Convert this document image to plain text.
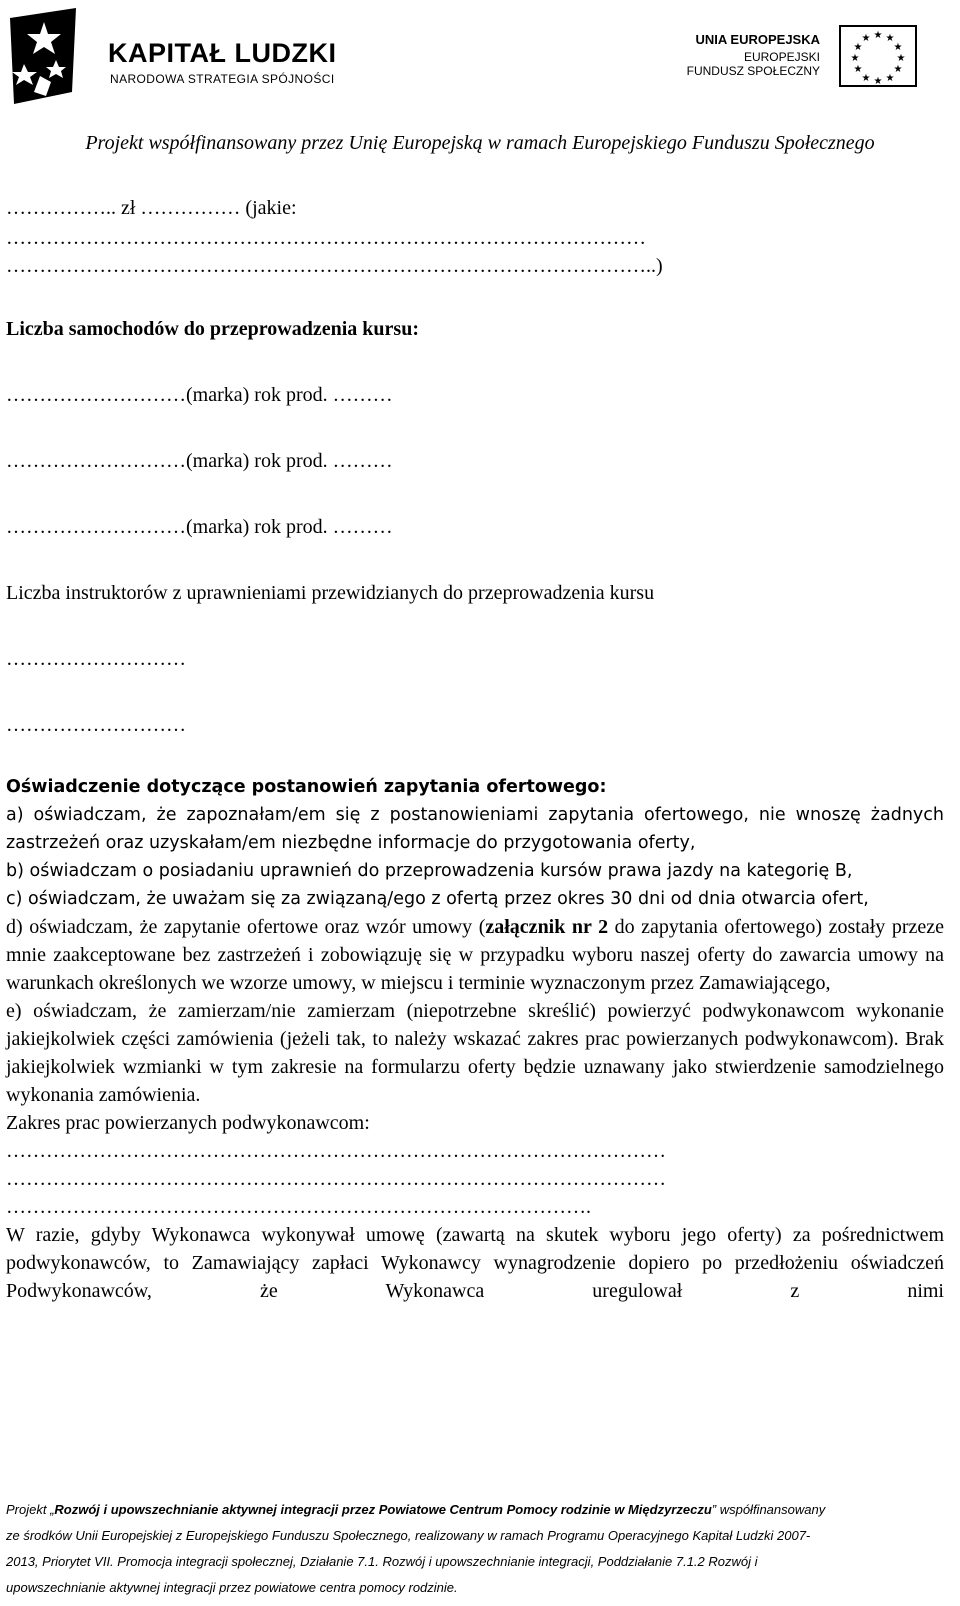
KAPITAŁ LUDZKI
NARODOWA STRATEGIA SPÓJNOŚCI
UNIA EUROPEJSKA
EUROPEJSKI
FUNDUSZ SPOŁECZNY
★ ★
★
★
★
★
★
★
★
★
★
★
Projekt współfinansowany przez Unię Europejską w ramach Europejskiego Funduszu Społecznego
…………….. zł …………… (jakie:
……………………………………………………………………………………
……………………………………………………………………………………..)
Liczba samochodów do przeprowadzenia kursu:
………………………(marka) rok prod. ………
………………………(marka) rok prod. ………
………………………(marka) rok prod. ………
Liczba instruktorów z uprawnieniami przewidzianych do przeprowadzenia kursu
………………………
………………………
Oświadczenie dotyczące postanowień zapytania ofertowego:
a) oświadczam, że zapoznałam/em się z postanowieniami zapytania ofertowego, nie wnoszę żadnych zastrzeżeń oraz uzyskałam/em niezbędne informacje do przygotowania oferty,
b) oświadczam o posiadaniu uprawnień do przeprowadzenia kursów prawa jazdy na kategorię B,
c) oświadczam, że uważam się za związaną/ego z ofertą przez okres 30 dni od dnia otwarcia ofert,
d) oświadczam, że zapytanie ofertowe oraz wzór umowy (załącznik nr 2 do zapytania ofertowego) zostały przeze mnie zaakceptowane bez zastrzeżeń i zobowiązuję się w przypadku wyboru naszej oferty do zawarcia umowy na warunkach określonych we wzorze umowy, w miejscu i terminie wyznaczonym przez Zamawiającego,
e) oświadczam, że zamierzam/nie zamierzam (niepotrzebne skreślić) powierzyć podwykonawcom wykonanie jakiejkolwiek części zamówienia (jeżeli tak, to należy wskazać zakres prac powierzanych podwykonawcom). Brak jakiejkolwiek wzmianki w tym zakresie na formularzu oferty będzie uznawany jako stwierdzenie samodzielnego wykonania zamówienia.
Zakres prac powierzanych podwykonawcom:
………………………………………………………………………………………
………………………………………………………………………………………
…………………………………………………………………………….
W razie, gdyby Wykonawca wykonywał umowę (zawartą na skutek wyboru jego oferty) za pośrednictwem podwykonawców, to Zamawiający zapłaci Wykonawcy wynagrodzenie dopiero po przedłożeniu oświadczeń Podwykonawców, że Wykonawca uregulował z nimi
Projekt „Rozwój i upowszechnianie aktywnej integracji przez Powiatowe Centrum Pomocy rodzinie w Międzyrzeczu” współfinansowany
ze środków Unii Europejskiej z Europejskiego Funduszu Społecznego, realizowany w ramach Programu Operacyjnego Kapitał Ludzki 2007-
2013, Priorytet VII. Promocja integracji społecznej, Działanie 7.1. Rozwój i upowszechnianie integracji, Poddziałanie 7.1.2 Rozwój i
upowszechnianie aktywnej integracji przez powiatowe centra pomocy rodzinie.
